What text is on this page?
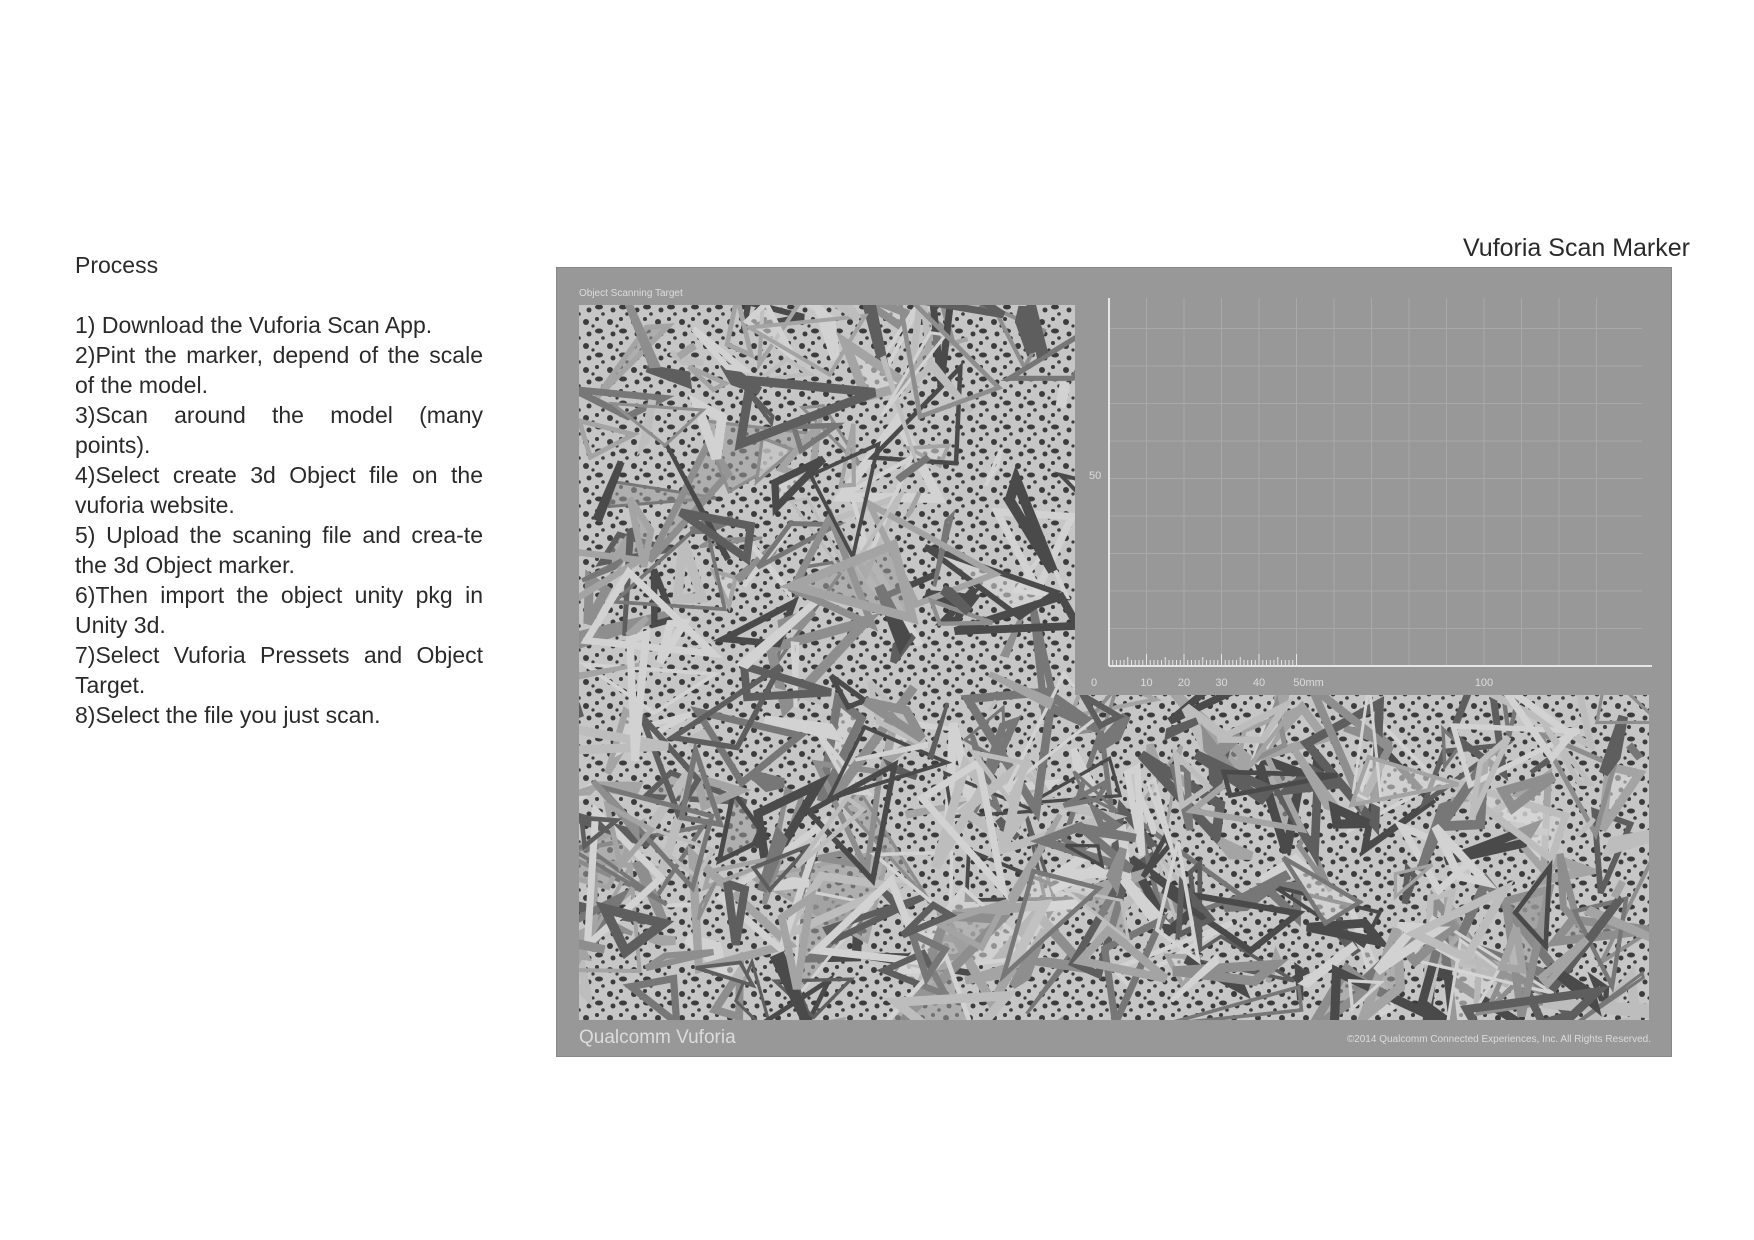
Process

1) Download the Vuforia Scan App.

2)Pint the marker, depend of the scale of the model.

3)Scan around the model (many points).

4)Select create 3d Object file on the vuforia website.

5) Upload the scaning file and crea-te the 3d Object marker.

6)Then import the object unity pkg in Unity 3d.

7)Select Vuforia Pressets and Object Target.

8)Select the file you just scan.

Vuforia Scan Marker
Object Scanning Target
50
0	10 20 30 40	50mm	100
Qualcomm Vuforia	©2014 Qualcomm Connected Experiences, Inc. All Rights Reserved.
